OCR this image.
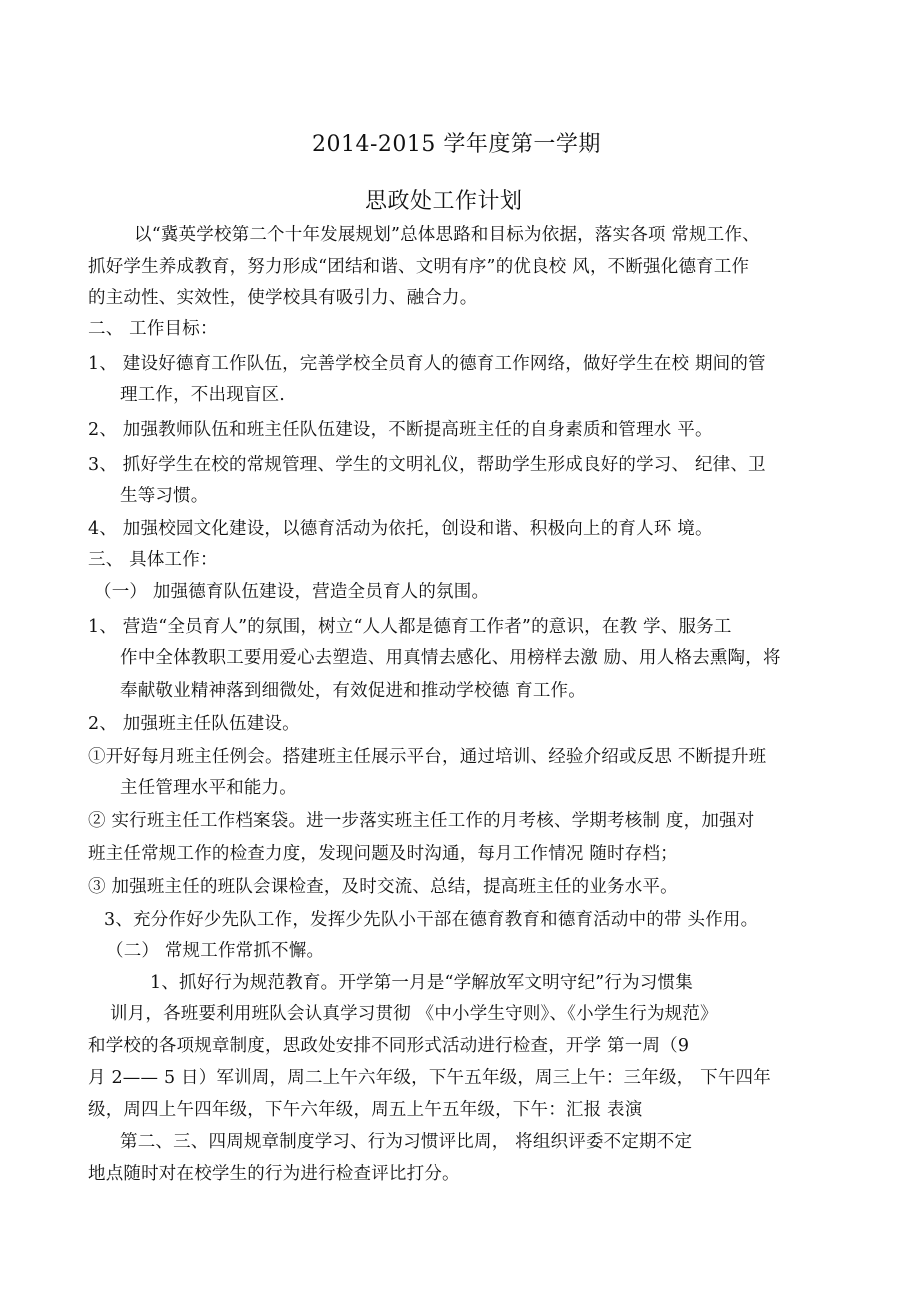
2014-2015 学年度第一学期
思政处工作计划
以“冀英学校第二个十年发展规划”总体思路和目标为依据，落实各项 常规工作、
抓好学生养成教育，努力形成“团结和谐、文明有序”的优良校 风，不断强化德育工作
的主动性、实效性，使学校具有吸引力、融合力。
二、 工作目标：
1、 建设好德育工作队伍，完善学校全员育人的德育工作网络，做好学生在校 期间的管
理工作，不出现盲区.
2、 加强教师队伍和班主任队伍建设，不断提高班主任的自身素质和管理水 平。
3、 抓好学生在校的常规管理、学生的文明礼仪，帮助学生形成良好的学习、 纪律、卫
生等习惯。
4、 加强校园文化建设，以德育活动为依托，创设和谐、积极向上的育人环 境。
三、 具体工作：
（一） 加强德育队伍建设，营造全员育人的氛围。
1、 营造“全员育人”的氛围，树立“人人都是德育工作者”的意识，在教 学、服务工
作中全体教职工要用爱心去塑造、用真情去感化、用榜样去激 励、用人格去熏陶，将
奉献敬业精神落到细微处，有效促进和推动学校德 育工作。
2、 加强班主任队伍建设。
①开好每月班主任例会。搭建班主任展示平台，通过培训、经验介绍或反思 不断提升班
主任管理水平和能力。
② 实行班主任工作档案袋。进一步落实班主任工作的月考核、学期考核制 度，加强对
班主任常规工作的检查力度，发现问题及时沟通，每月工作情况 随时存档；
③ 加强班主任的班队会课检查，及时交流、总结，提高班主任的业务水平。
3、充分作好少先队工作，发挥少先队小干部在德育教育和德育活动中的带 头作用。
（二） 常规工作常抓不懈。
1、抓好行为规范教育。开学第一月是“学解放军文明守纪”行为习惯集
训月，各班要利用班队会认真学习贯彻 《中小学生守则》、《小学生行为规范》
和学校的各项规章制度，思政处安排不同形式活动进行检查，开学 第一周（9
月 2—— 5 日）军训周，周二上午六年级，下午五年级，周三上午：三年级， 下午四年
级，周四上午四年级，下午六年级，周五上午五年级，下午：汇报 表演
第二、三、四周规章制度学习、行为习惯评比周， 将组织评委不定期不定
地点随时对在校学生的行为进行检查评比打分。
